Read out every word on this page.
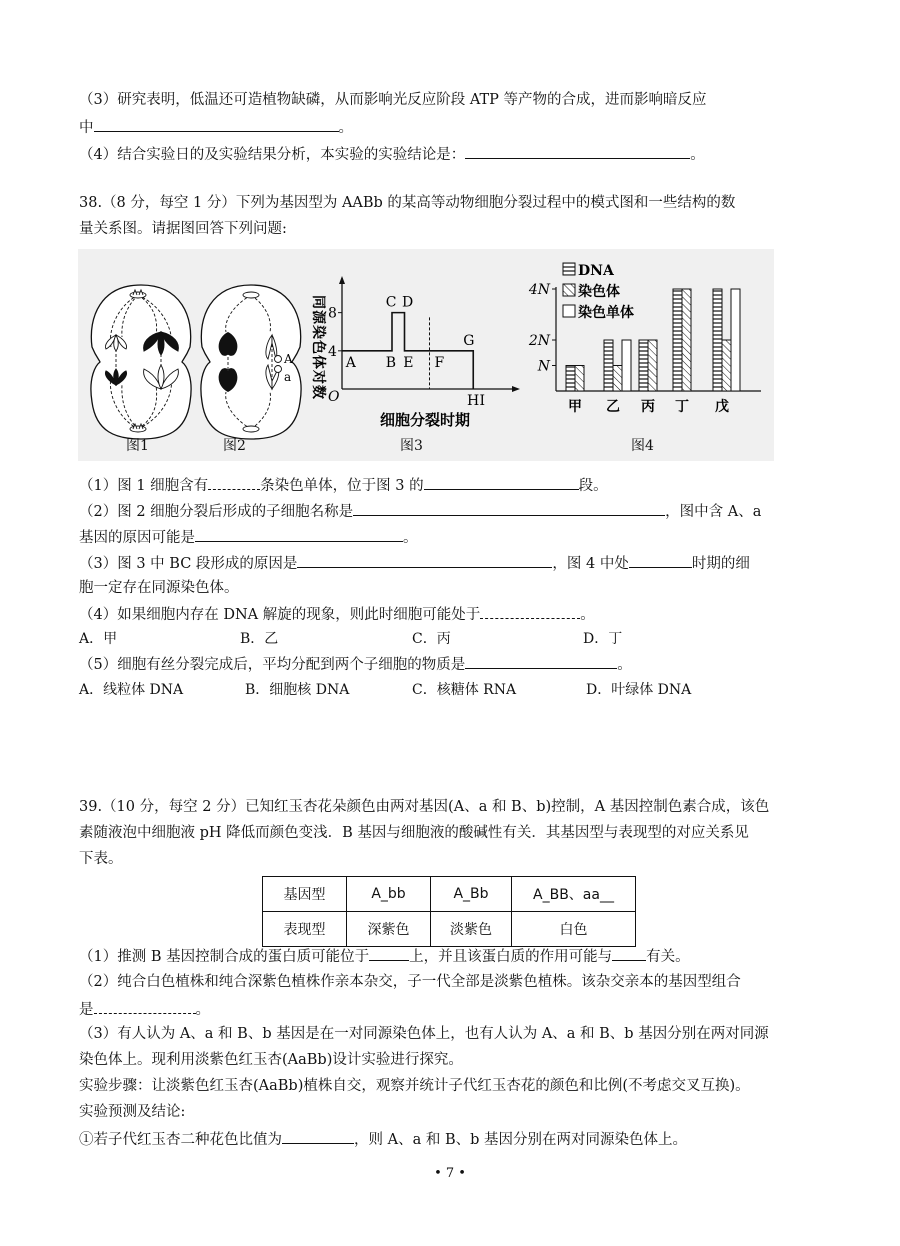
（3）研究表明，低温还可造植物缺磷，从而影响光反应阶段 ATP 等产物的合成，进而影响暗反应
中	。
（4）结合实验日的及实验结果分析，本实验的实验结论是：	。
38.（8 分，每空 1 分）下列为基因型为 AABb 的某高等动物细胞分裂过程中的模式图和一些结构的数
量关系图。请据图回答下列问题:
图1
A
a
图2
4
8
O
A B
C D
E F
G
H I
同源染色体对数
细胞分裂时期
图3
N
2N
4N
甲 乙 丙 丁 戊
DNA
染色体
染色单体
图4
（1）图 1 细胞含有	条染色单体，位于图 3 的	段。
（2）图 2 细胞分裂后形成的子细胞名称是	，图中含 A、a
基因的原因可能是	。
（3）图 3 中 BC 段形成的原因是	，图 4 中处	时期的细
胞一定存在同源染色体。
（4）如果细胞内存在 DNA 解旋的现象，则此时细胞可能处于	。
A．甲	B．乙	C．丙	D．丁
（5）细胞有丝分裂完成后，平均分配到两个子细胞的物质是	。
A．线粒体 DNA	B．细胞核 DNA	C．核糖体 RNA	D．叶绿体 DNA
39.（10 分，每空 2 分）已知红玉杏花朵颜色由两对基因(A、a 和 B、b)控制，A 基因控制色素合成，该色
素随液泡中细胞液 pH 降低而颜色变浅．B 基因与细胞液的酸碱性有关．其基因型与表现型的对应关系见
下表。
基因型	A_bb	A_Bb	A_BB、aa__
表现型	深紫色	淡紫色	白色
（1）推测 B 基因控制合成的蛋白质可能位于	上，并且该蛋白质的作用可能与 有关。
（2）纯合白色植株和纯合深紫色植株作亲本杂交，子一代全部是淡紫色植株。该杂交亲本的基因型组合
是	。
（3）有人认为 A、a 和 B、b 基因是在一对同源染色体上，也有人认为 A、a 和 B、b 基因分别在两对同源
染色体上。现利用淡紫色红玉杏(AaBb)设计实验进行探究。
实验步骤：让淡紫色红玉杏(AaBb)植株自交，观察并统计子代红玉杏花的颜色和比例(不考虑交叉互换)。
实验预测及结论:
①若子代红玉杏二种花色比值为	，则 A、a 和 B、b 基因分别在两对同源染色体上。
• 7 •
